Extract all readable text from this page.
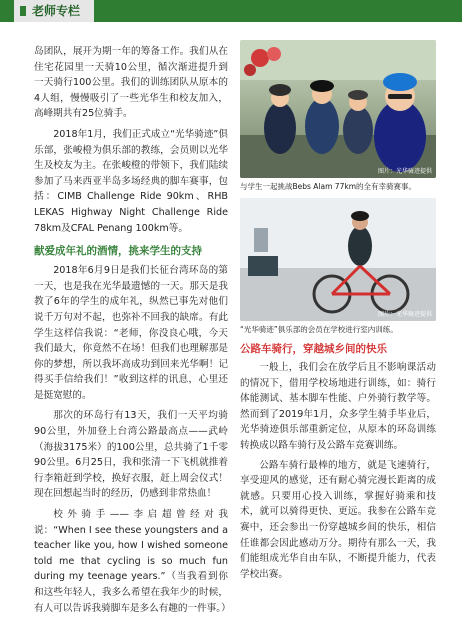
老师专栏

岛团队，展开为期一年的筹备工作。我们从在住宅花园里一天骑10公里，循次渐进提升到一天骑行100公里。我们的训练团队从原本的4人组，慢慢吸引了一些光华生和校友加入，高峰期共有25位骑手。

2018年1月，我们正式成立“光华骑迹”俱乐部，张峻橙为俱乐部的教练，会员则以光华生及校友为主。在张峻橙的带领下，我们陆续参加了马来西亚半岛多场经典的脚车赛事，包括：CIMB Challenge Ride 90km、RHB LEKAS Highway Night Challenge Ride 78km及CFAL Penang 100km等。

献爱成年礼的酒情，挑来学生的支持

2018年6月9日是我们长征台湾环岛的第一天，也是我在光华最遗憾的一天。那天是我教了6年的学生的成年礼，纵然已事先对他们说千万句对不起，也弥补不回我的缺席。有此学生这样信我说：“老师，你没良心哦，今天我们最大，你竟然不在场！但我们也理解那是你的梦想，所以我坏高成功到回来光华啊！记得买手信给我们！”收到这样的讯息，心里还是挺宽慰的。

那次的环岛行有13天，我们一天平均骑90公里，外加登上台湾公路最高点——武岭（海拔3175米）的100公里，总共骑了1千零90公里。6月25日，我和张清一下飞机就推着行李箱赶到学校，换好衣服，赶上周会仪式！现在回想起当时的经历，仍感到非常热血！

校外骑手——李启超曾经对我说：“When I see these youngsters and a teacher like you, how I wished someone told me that cycling is so much fun during my teenage years.”（当我看到你和这些年轻人，我多么希望在我年少的时候，有人可以告诉我骑脚车是多么有趣的一件事。）

图片：光华骑迹提供
与学生一起挑战Bebs Alam 77km的全有幸骑赛事。
图片：光华骑迹提供
“光华骑迹”俱乐部的会员在学校进行室内训练。
公路车骑行，穿越城乡间的快乐

一般上，我们会在放学后且不影响课活动的情况下，借用学校场地进行训练，如：骑行体能测试、基本脚车性能、户外骑行教学等。然而到了2019年1月，众多学生骑手毕业后，光华骑迹俱乐部重新定位，从原本的环岛训练转换成以路车骑行及公路车竞赛训练。

公路车骑行最棒的地方，就是飞速骑行，享受迎风的感觉，还有耐心骑完漫长距离的成就感。只要用心投入训练，掌握好骑乘和技术，就可以骑得更快、更远。我参在公路车竞赛中，还会参出一份穿越城乡间的快乐，相信任谁都会因此感动万分。期待有那么一天，我们能组成光华自由车队，不断提升能力，代表学校出赛。
